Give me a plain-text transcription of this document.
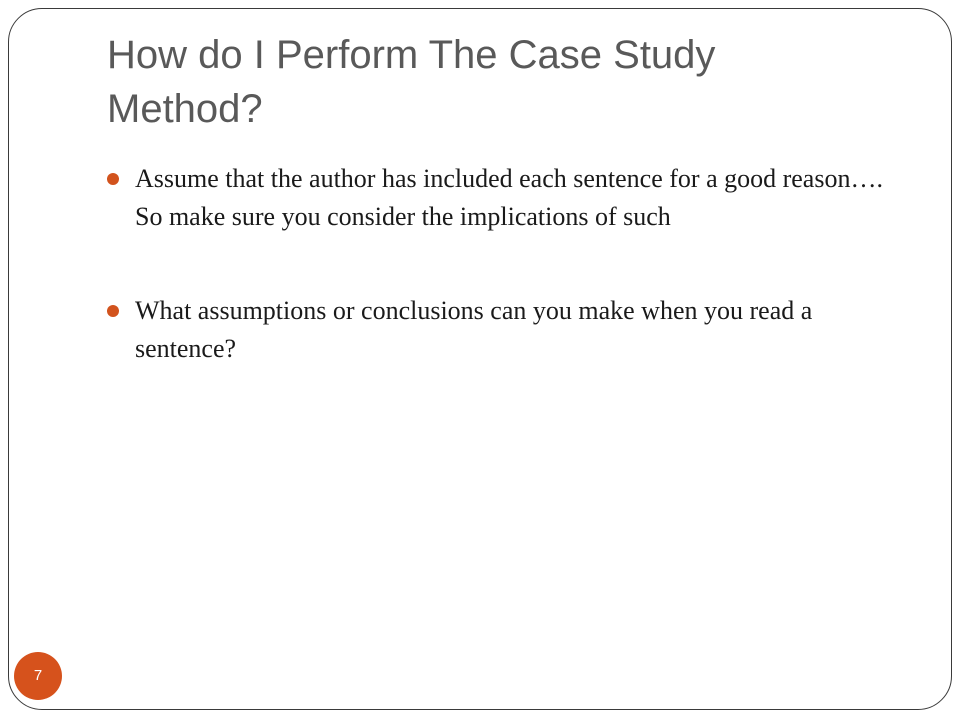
How do I Perform The Case Study Method?
Assume that the author has included each sentence for a good reason…. So make sure you consider the implications of such
What assumptions or conclusions can you make when you read a sentence?
7
